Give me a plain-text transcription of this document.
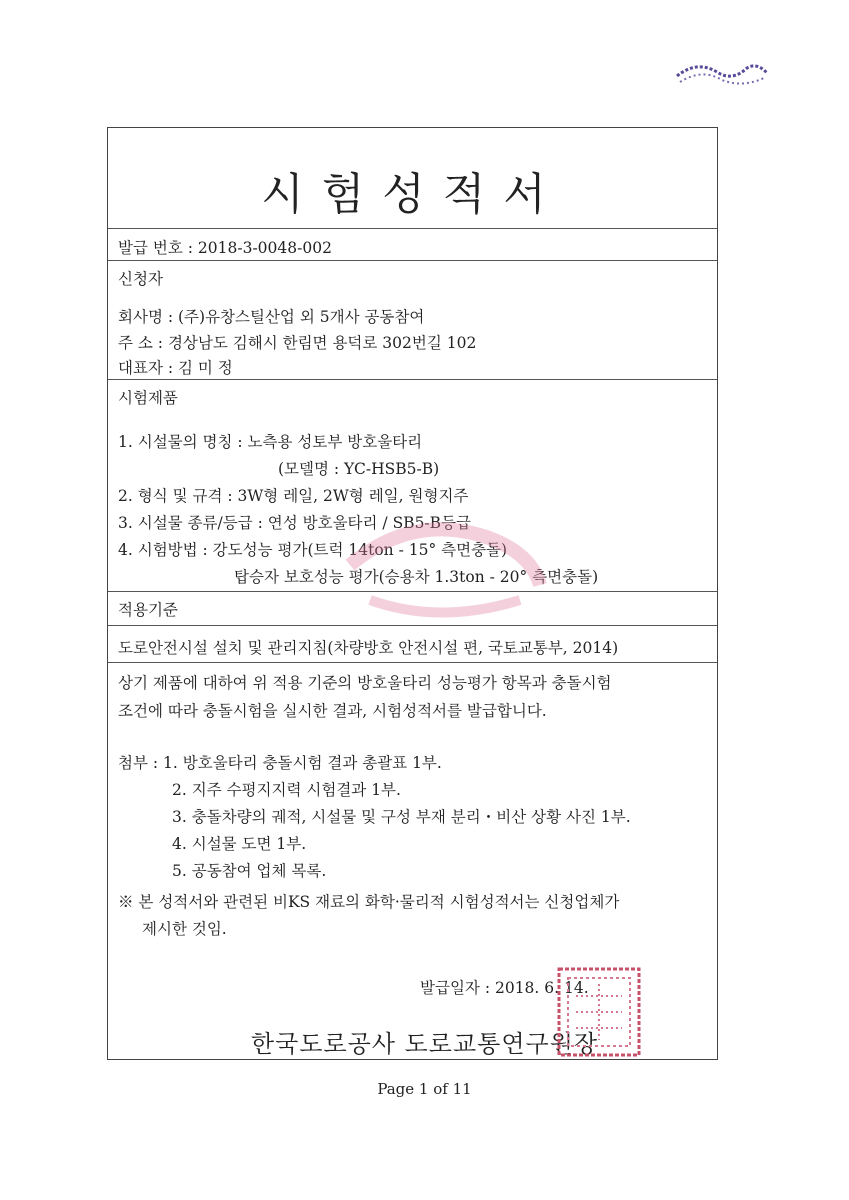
시험성적서
발급 번호 : 2018-3-0048-002
신청자
회사명 : (주)유창스틸산업 외 5개사 공동참여
주 소 : 경상남도 김해시 한림면 용덕로 302번길 102
대표자 : 김 미 정
시험제품
1. 시설물의 명칭 : 노측용 성토부 방호울타리
(모델명 : YC-HSB5-B)
2. 형식 및 규격 : 3W형 레일, 2W형 레일, 원형지주
3. 시설물 종류/등급 : 연성 방호울타리 / SB5-B등급
4. 시험방법 : 강도성능 평가(트럭 14ton - 15° 측면충돌)
탑승자 보호성능 평가(승용차 1.3ton - 20° 측면충돌)
적용기준
도로안전시설 설치 및 관리지침(차량방호 안전시설 편, 국토교통부, 2014)
상기 제품에 대하여 위 적용 기준의 방호울타리 성능평가 항목과 충돌시험
조건에 따라 충돌시험을 실시한 결과, 시험성적서를 발급합니다.
첨부 : 1. 방호울타리 충돌시험 결과 총괄표 1부.
2. 지주 수평지지력 시험결과 1부.
3. 충돌차량의 궤적, 시설물 및 구성 부재 분리・비산 상황 사진 1부.
4. 시설물 도면 1부.
5. 공동참여 업체 목록.
※ 본 성적서와 관련된 비KS 재료의 화학·물리적 시험성적서는 신청업체가
제시한 것임.
발급일자 : 2018. 6. 14.
한국도로공사 도로교통연구원장
Page 1 of 11
